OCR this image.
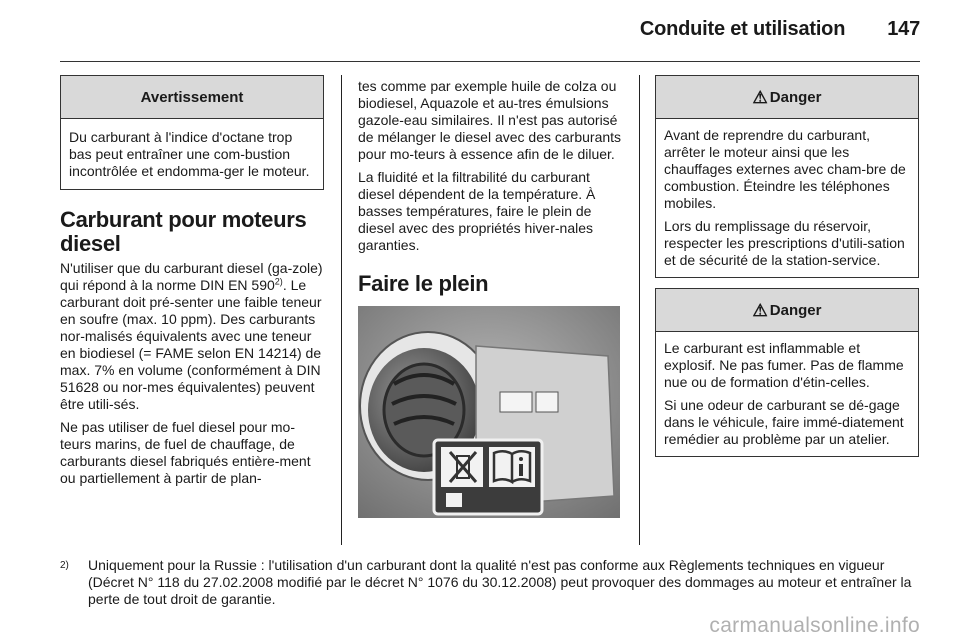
Conduite et utilisation 147
Avertissement

Du carburant à l'indice d'octane trop bas peut entraîner une com-bustion incontrôlée et endomma-ger le moteur.

Carburant pour moteurs diesel

N'utiliser que du carburant diesel (ga-zole) qui répond à la norme DIN EN 590$^{2)}$. Le carburant doit pré-senter une faible teneur en soufre (max. 10 ppm). Des carburants nor-malisés équivalents avec une teneur en biodiesel (= FAME selon EN 14214) de max. 7% en volume (conformément à DIN 51628 ou nor-mes équivalentes) peuvent être utili-sés.

Ne pas utiliser de fuel diesel pour mo-teurs marins, de fuel de chauffage, de carburants diesel fabriqués entière-ment ou partiellement à partir de plan-

tes comme par exemple huile de colza ou biodiesel, Aquazole et au-tres émulsions gazole-eau similaires. Il n'est pas autorisé de mélanger le diesel avec des carburants pour mo-teurs à essence afin de le diluer.

La fluidité et la filtrabilité du carburant diesel dépendent de la température. À basses températures, faire le plein de diesel avec des propriétés hiver-nales garanties.

Faire le plein
⚠ Danger

Avant de reprendre du carburant, arrêter le moteur ainsi que les chauffages externes avec cham-bre de combustion. Éteindre les téléphones mobiles.

Lors du remplissage du réservoir, respecter les prescriptions d'utili-sation et de sécurité de la station-service.

⚠ Danger

Le carburant est inflammable et explosif. Ne pas fumer. Pas de flamme nue ou de formation d'étin-celles.

Si une odeur de carburant se dé-gage dans le véhicule, faire immé-diatement remédier au problème par un atelier.

2) Uniquement pour la Russie : l'utilisation d'un carburant dont la qualité n'est pas conforme aux Règlements techniques en vigueur (Décret N° 118 du 27.02.2008 modifié par le décret N° 1076 du 30.12.2008) peut provoquer des dommages au moteur et entraîner la perte de tout droit de garantie.
carmanualsonline.info
